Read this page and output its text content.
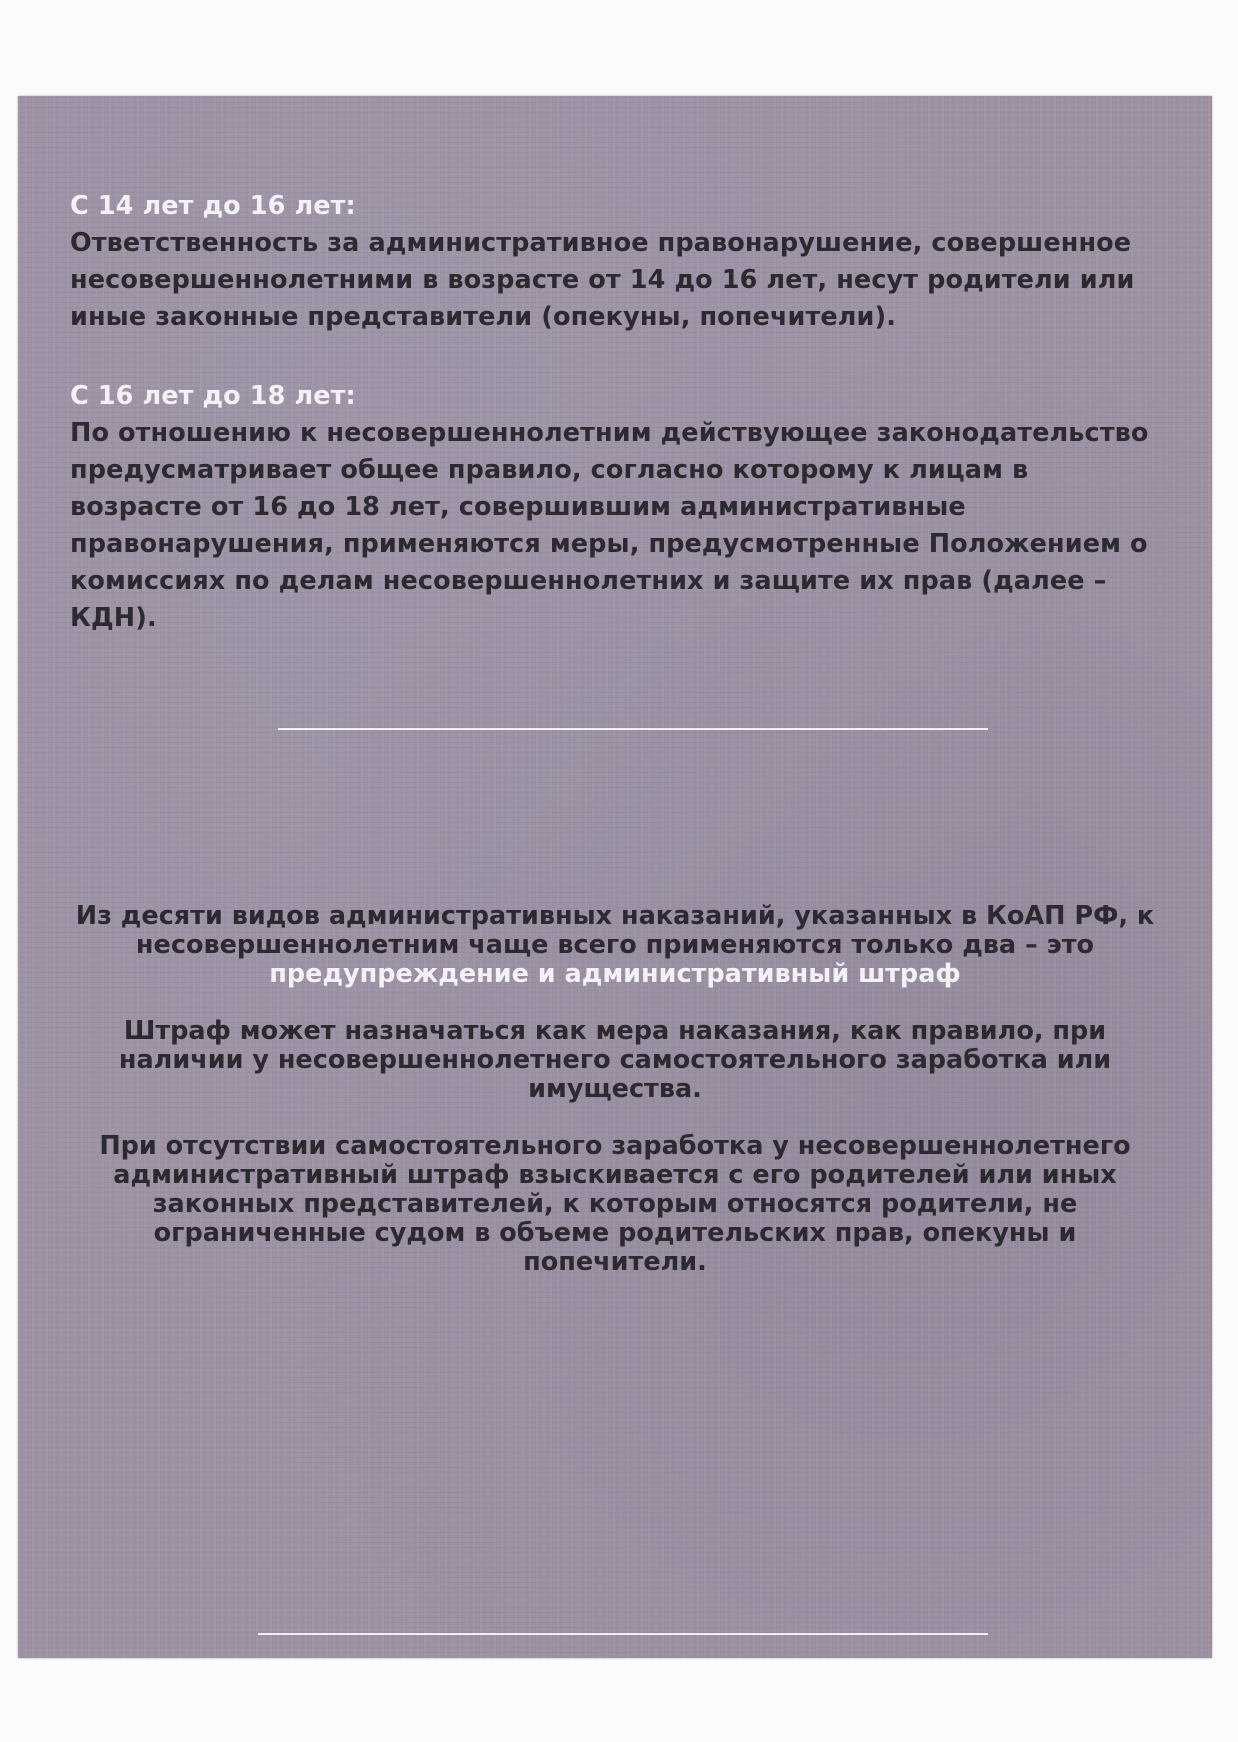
С 14 лет до 16 лет:
Ответственность за административное правонарушение, совершенное несовершеннолетними в возрасте от 14 до 16 лет, несут родители или иные законные представители (опекуны, попечители).
С 16 лет до 18 лет:
По отношению к несовершеннолетним действующее законодательство предусматривает общее правило, согласно которому к лицам в возрасте от 16 до 18 лет, совершившим административные правонарушения, применяются меры, предусмотренные Положением о комиссиях по делам несовершеннолетних и защите их прав (далее – КДН).
Из десяти видов административных наказаний, указанных в КоАП РФ, к несовершеннолетним чаще всего применяются только два – это предупреждение и административный штраф
Штраф может назначаться как мера наказания, как правило, при наличии у несовершеннолетнего самостоятельного заработка или имущества.
При отсутствии самостоятельного заработка у несовершеннолетнего административный штраф взыскивается с его родителей или иных законных представителей, к которым относятся родители, не ограниченные судом в объеме родительских прав, опекуны и попечители.
